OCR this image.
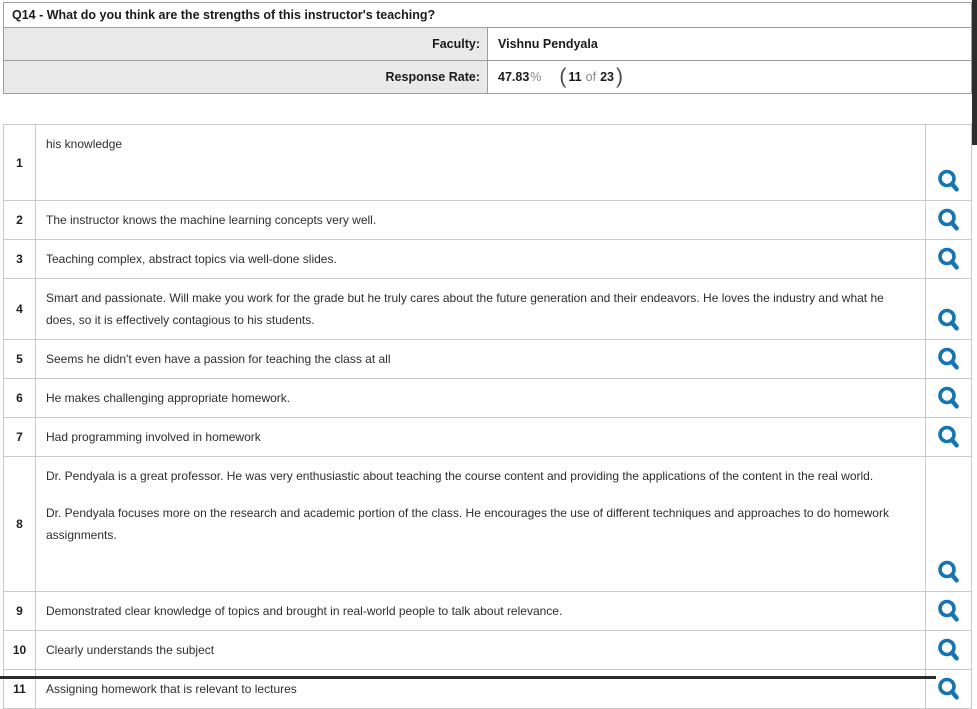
Q14 - What do you think are the strengths of this instructor's teaching?	
Faculty:	Vishnu Pendyala
Response Rate:	47.83 % ( 11 of 23 )
1	his knowledge

2	The instructor knows the machine learning concepts very well.

3	Teaching complex, abstract topics via well-done slides.

4	Smart and passionate. Will make you work for the grade but he truly cares about the future generation and their endeavors. He loves the industry and what he does, so it is effectively contagious to his students.

5	Seems he didn't even have a passion for teaching the class at all

6	He makes challenging appropriate homework.

7	Had programming involved in homework

8	Dr. Pendyala is a great professor. He was very enthusiastic about teaching the course content and providing the applications of the content in the real world.

Dr. Pendyala focuses more on the research and academic portion of the class. He encourages the use of different techniques and approaches to do homework assignments.

9	Demonstrated clear knowledge of topics and brought in real-world people to talk about relevance.

10	Clearly understands the subject

11	Assigning homework that is relevant to lectures
